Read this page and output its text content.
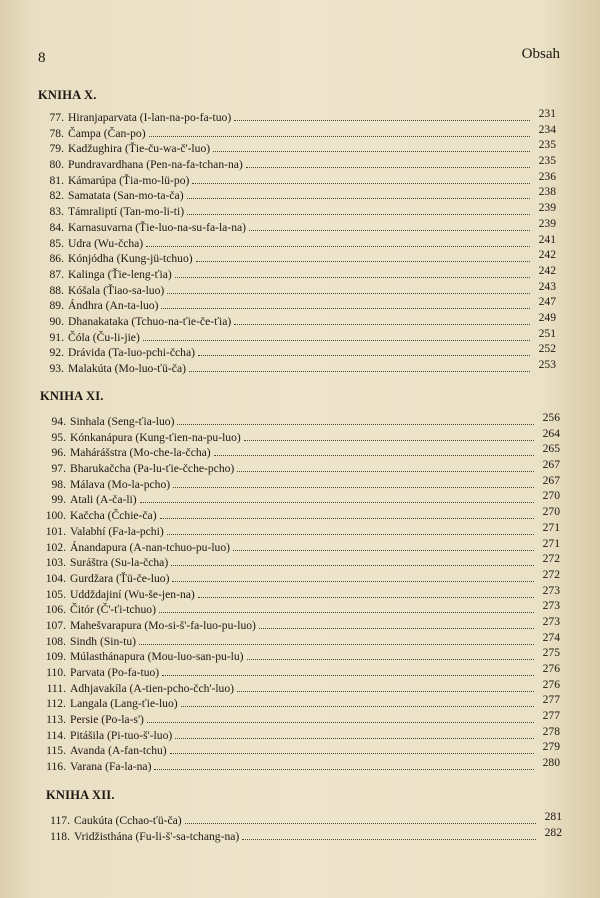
8	Obsah
KNIHA X.
77. Hiranjaparvata (I-lan-na-po-fa-tuo)	231
78. Čampa (Čan-po)	234
79. Kadžughira (Ťie-ču-wa-č'-luo)	235
80. Pundravardhana (Pen-na-fa-tchan-na)	235
81. Kámarúpa (Ťia-mo-lü-po)	236
82. Samatata (San-mo-ta-ča)	238
83. Támraliptí (Tan-mo-li-ti)	239
84. Karnasuvarna (Ťie-luo-na-su-fa-la-na)	239
85. Udra (Wu-čcha)	241
86. Kónjódha (Kung-jü-tchuo)	242
87. Kalinga (Ťie-leng-ťia)	242
88. Kóšala (Ťiao-sa-luo)	243
89. Ándhra (An-ta-luo)	247
90. Dhanakataka (Tchuo-na-ťie-če-ťia)	249
91. Čóla (Ču-li-jie)	251
92. Drávida (Ta-luo-pchi-čcha)	252
93. Malakúta (Mo-luo-ťü-ča)	253
KNIHA XI.
94. Sinhala (Seng-ťia-luo)	256
95. Kónkanápura (Kung-ťien-na-pu-luo)	264
96. Mahárášstra (Mo-che-la-čcha)	265
97. Bharukačcha (Pa-lu-ťie-čche-pcho)	267
98. Málava (Mo-la-pcho)	267
99. Atali (A-ča-li)	270
100. Kačcha (Čchie-ča)	270
101. Valabhí (Fa-la-pchi)	271
102. Ánandapura (A-nan-tchuo-pu-luo)	271
103. Suráštra (Su-la-čcha)	272
104. Gurdžara (Ťü-če-luo)	272
105. Uddždajiní (Wu-še-jen-na)	273
106. Čitór (Č'-ťi-tchuo)	273
107. Mahešvarapura (Mo-si-š'-fa-luo-pu-luo)	273
108. Sindh (Sin-tu)	274
109. Múlasthánapura (Mou-luo-san-pu-lu)	275
110. Parvata (Po-fa-tuo)	276
111. Adhjavakíla (A-tien-pcho-čch'-luo)	276
112. Langala (Lang-ťie-luo)	277
113. Persie (Po-la-s')	277
114. Pitášila (Pi-tuo-š'-luo)	278
115. Avanda (A-fan-tchu)	279
116. Varana (Fa-la-na)	280
KNIHA XII.
117. Caukúta (Cchao-ťü-ča)	281
118. Vridžisthána (Fu-li-š'-sa-tchang-na)	282
